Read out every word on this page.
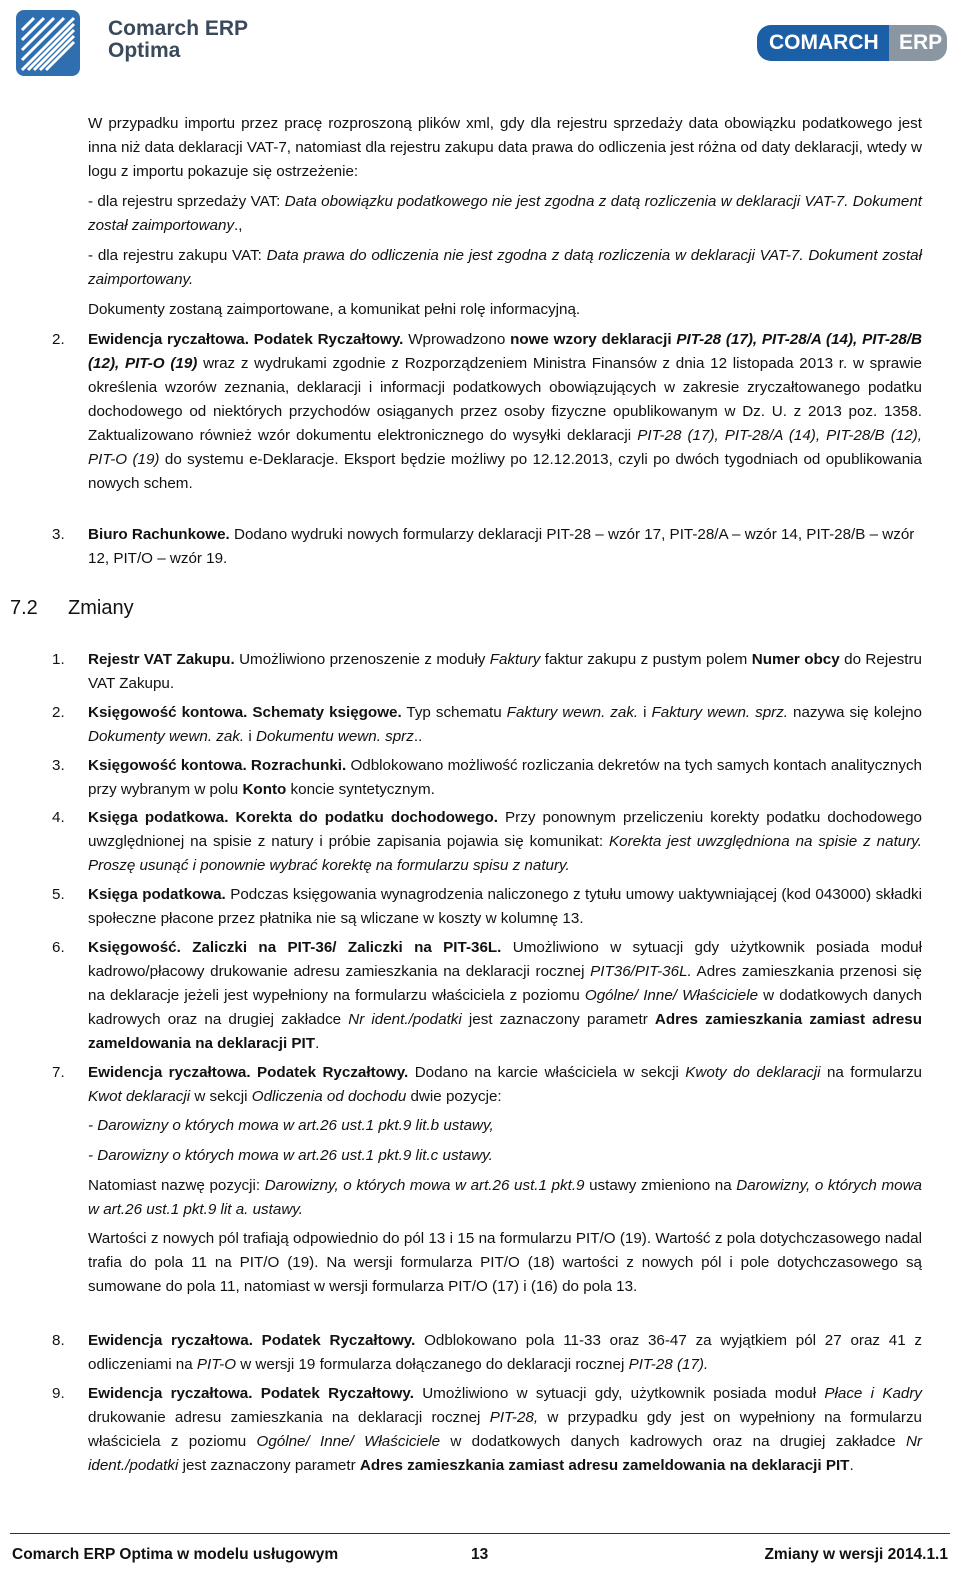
Comarch ERP
Optima	COMARCH ERP
W przypadku importu przez pracę rozproszoną plików xml, gdy dla rejestru sprzedaży data obowiązku podatkowego jest inna niż data deklaracji VAT-7, natomiast dla rejestru zakupu data prawa do odliczenia jest różna od daty deklaracji, wtedy w logu z importu pokazuje się ostrzeżenie:
- dla rejestru sprzedaży VAT: Data obowiązku podatkowego nie jest zgodna z datą rozliczenia w deklaracji VAT-7. Dokument został zaimportowany.,
- dla rejestru zakupu VAT: Data prawa do odliczenia nie jest zgodna z datą rozliczenia w deklaracji VAT-7. Dokument został zaimportowany.
Dokumenty zostaną zaimportowane, a komunikat pełni rolę informacyjną.
2.	Ewidencja ryczałtowa. Podatek Ryczałtowy. Wprowadzono nowe wzory deklaracji PIT-28 (17), PIT-28/A (14), PIT-28/B (12), PIT-O (19) wraz z wydrukami zgodnie z Rozporządzeniem Ministra Finansów z dnia 12 listopada 2013 r. w sprawie określenia wzorów zeznania, deklaracji i informacji podatkowych obowiązujących w zakresie zryczałtowanego podatku dochodowego od niektórych przychodów osiąganych przez osoby fizyczne opublikowanym w Dz. U. z 2013 poz. 1358. Zaktualizowano również wzór dokumentu elektronicznego do wysyłki deklaracji PIT-28 (17), PIT-28/A (14), PIT-28/B (12), PIT-O (19) do systemu e-Deklaracje. Eksport będzie możliwy po 12.12.2013, czyli po dwóch tygodniach od opublikowania nowych schem.
3.	Biuro Rachunkowe. Dodano wydruki nowych formularzy deklaracji PIT-28 – wzór 17, PIT-28/A – wzór 14, PIT-28/B – wzór 12, PIT/O – wzór 19.
7.2 Zmiany
1.	Rejestr VAT Zakupu. Umożliwiono przenoszenie z moduły Faktury faktur zakupu z pustym polem Numer obcy do Rejestru VAT Zakupu.
2.	Księgowość kontowa. Schematy księgowe. Typ schematu Faktury wewn. zak. i Faktury wewn. sprz. nazywa się kolejno Dokumenty wewn. zak. i Dokumentu wewn. sprz..
3.	Księgowość kontowa. Rozrachunki. Odblokowano możliwość rozliczania dekretów na tych samych kontach analitycznych przy wybranym w polu Konto koncie syntetycznym.
4.	Księga podatkowa. Korekta do podatku dochodowego. Przy ponownym przeliczeniu korekty podatku dochodowego uwzględnionej na spisie z natury i próbie zapisania pojawia się komunikat: Korekta jest uwzględniona na spisie z natury. Proszę usunąć i ponownie wybrać korektę na formularzu spisu z natury.
5.	Księga podatkowa. Podczas księgowania wynagrodzenia naliczonego z tytułu umowy uaktywniającej (kod 043000) składki społeczne płacone przez płatnika nie są wliczane w koszty w kolumnę 13.
6.	Księgowość. Zaliczki na PIT-36/ Zaliczki na PIT-36L. Umożliwiono w sytuacji gdy użytkownik posiada moduł kadrowo/płacowy drukowanie adresu zamieszkania na deklaracji rocznej PIT36/PIT-36L. Adres zamieszkania przenosi się na deklaracje jeżeli jest wypełniony na formularzu właściciela z poziomu Ogólne/ Inne/ Właściciele w dodatkowych danych kadrowych oraz na drugiej zakładce Nr ident./podatki jest zaznaczony parametr Adres zamieszkania zamiast adresu zameldowania na deklaracji PIT.
7.	Ewidencja ryczałtowa. Podatek Ryczałtowy. Dodano na karcie właściciela w sekcji Kwoty do deklaracji na formularzu Kwot deklaracji w sekcji Odliczenia od dochodu dwie pozycje:
- Darowizny o których mowa w art.26 ust.1 pkt.9 lit.b ustawy,
- Darowizny o których mowa w art.26 ust.1 pkt.9 lit.c ustawy.
Natomiast nazwę pozycji: Darowizny, o których mowa w art.26 ust.1 pkt.9 ustawy zmieniono na Darowizny, o których mowa w art.26 ust.1 pkt.9 lit a. ustawy.
Wartości z nowych pól trafiają odpowiednio do pól 13 i 15 na formularzu PIT/O (19). Wartość z pola dotychczasowego nadal trafia do pola 11 na PIT/O (19). Na wersji formularza PIT/O (18) wartości z nowych pól i pole dotychczasowego są sumowane do pola 11, natomiast w wersji formularza PIT/O (17) i (16) do pola 13.
8.	Ewidencja ryczałtowa. Podatek Ryczałtowy. Odblokowano pola 11-33 oraz 36-47 za wyjątkiem pól 27 oraz 41 z odliczeniami na PIT-O w wersji 19 formularza dołączanego do deklaracji rocznej PIT-28 (17).
9.	Ewidencja ryczałtowa. Podatek Ryczałtowy. Umożliwiono w sytuacji gdy, użytkownik posiada moduł Płace i Kadry drukowanie adresu zamieszkania na deklaracji rocznej PIT-28, w przypadku gdy jest on wypełniony na formularzu właściciela z poziomu Ogólne/ Inne/ Właściciele w dodatkowych danych kadrowych oraz na drugiej zakładce Nr ident./podatki jest zaznaczony parametr Adres zamieszkania zamiast adresu zameldowania na deklaracji PIT.
Comarch ERP Optima w modelu usługowym	13	Zmiany w wersji 2014.1.1
